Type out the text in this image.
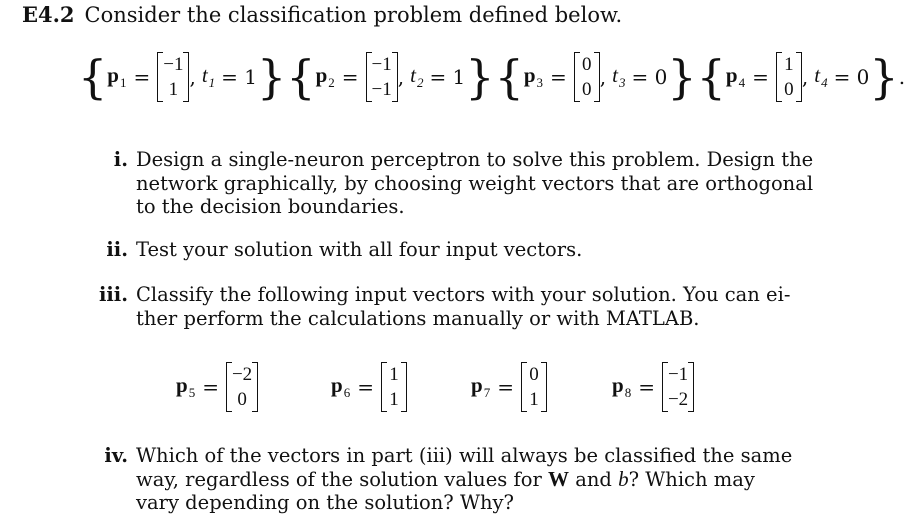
E4.2 Consider the classification problem defined below.
{ $p_1$ =
−1
1
, $t_1 = 1$ } { $p_2$ =
−1
−1
, $t_2 = 1$ } { $p_3$ =
0
0
, $t_3 = 0$ } { $p_4$ =
1
0
, $t_4 = 0$ } .
i. Design a single-neuron perceptron to solve this problem. Design the
network graphically, by choosing weight vectors that are orthogonal
to the decision boundaries.
ii. Test your solution with all four input vectors.
iii. Classify the following input vectors with your solution. You can ei-
ther perform the calculations manually or with MATLAB.
$p_5$ =
−2
0
$p_6$ =
1
1
$p_7$ =
0
1
$p_8$ =
−1
−2
iv. Which of the vectors in part (iii) will always be classified the same
way, regardless of the solution values for W and b? Which may
vary depending on the solution? Why?
